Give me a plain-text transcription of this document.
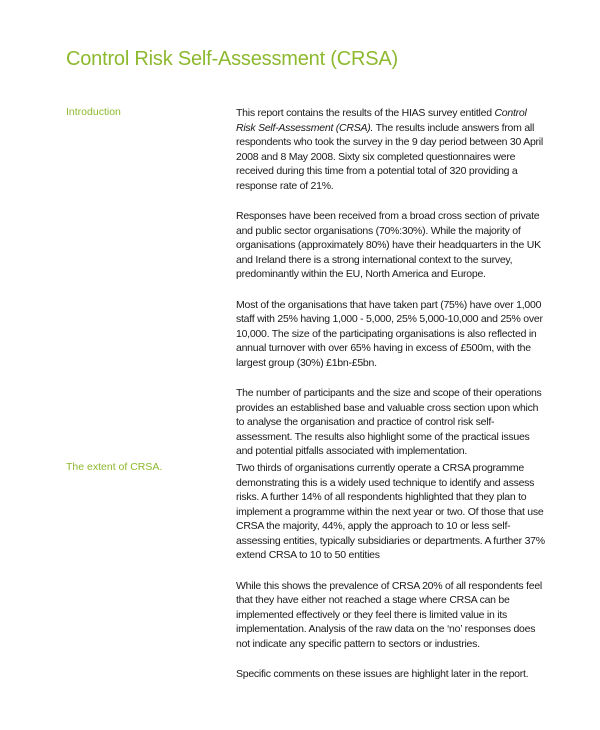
Control Risk Self-Assessment (CRSA)
Introduction	This report contains the results of the HIAS survey entitled Control Risk Self-Assessment (CRSA). The results include answers from all respondents who took the survey in the 9 day period between 30 April 2008 and 8 May 2008. Sixty six completed questionnaires were received during this time from a potential total of 320 providing a response rate of 21%.

Responses have been received from a broad cross section of private and public sector organisations (70%:30%). While the majority of organisations (approximately 80%) have their headquarters in the UK and Ireland there is a strong international context to the survey, predominantly within the EU, North America and Europe.

Most of the organisations that have taken part (75%) have over 1,000 staff with 25% having 1,000 - 5,000, 25% 5,000-10,000 and 25% over 10,000. The size of the participating organisations is also reflected in annual turnover with over 65% having in excess of £500m, with the largest group (30%) £1bn-£5bn.

The number of participants and the size and scope of their operations provides an established base and valuable cross section upon which to analyse the organisation and practice of control risk self-assessment. The results also highlight some of the practical issues and potential pitfalls associated with implementation.

The extent of CRSA.	Two thirds of organisations currently operate a CRSA programme demonstrating this is a widely used technique to identify and assess risks. A further 14% of all respondents highlighted that they plan to implement a programme within the next year or two. Of those that use CRSA the majority, 44%, apply the approach to 10 or less self-assessing entities, typically subsidiaries or departments. A further 37% extend CRSA to 10 to 50 entities

While this shows the prevalence of CRSA 20% of all respondents feel that they have either not reached a stage where CRSA can be implemented effectively or they feel there is limited value in its implementation. Analysis of the raw data on the ‘no’ responses does not indicate any specific pattern to sectors or industries.

Specific comments on these issues are highlight later in the report.
